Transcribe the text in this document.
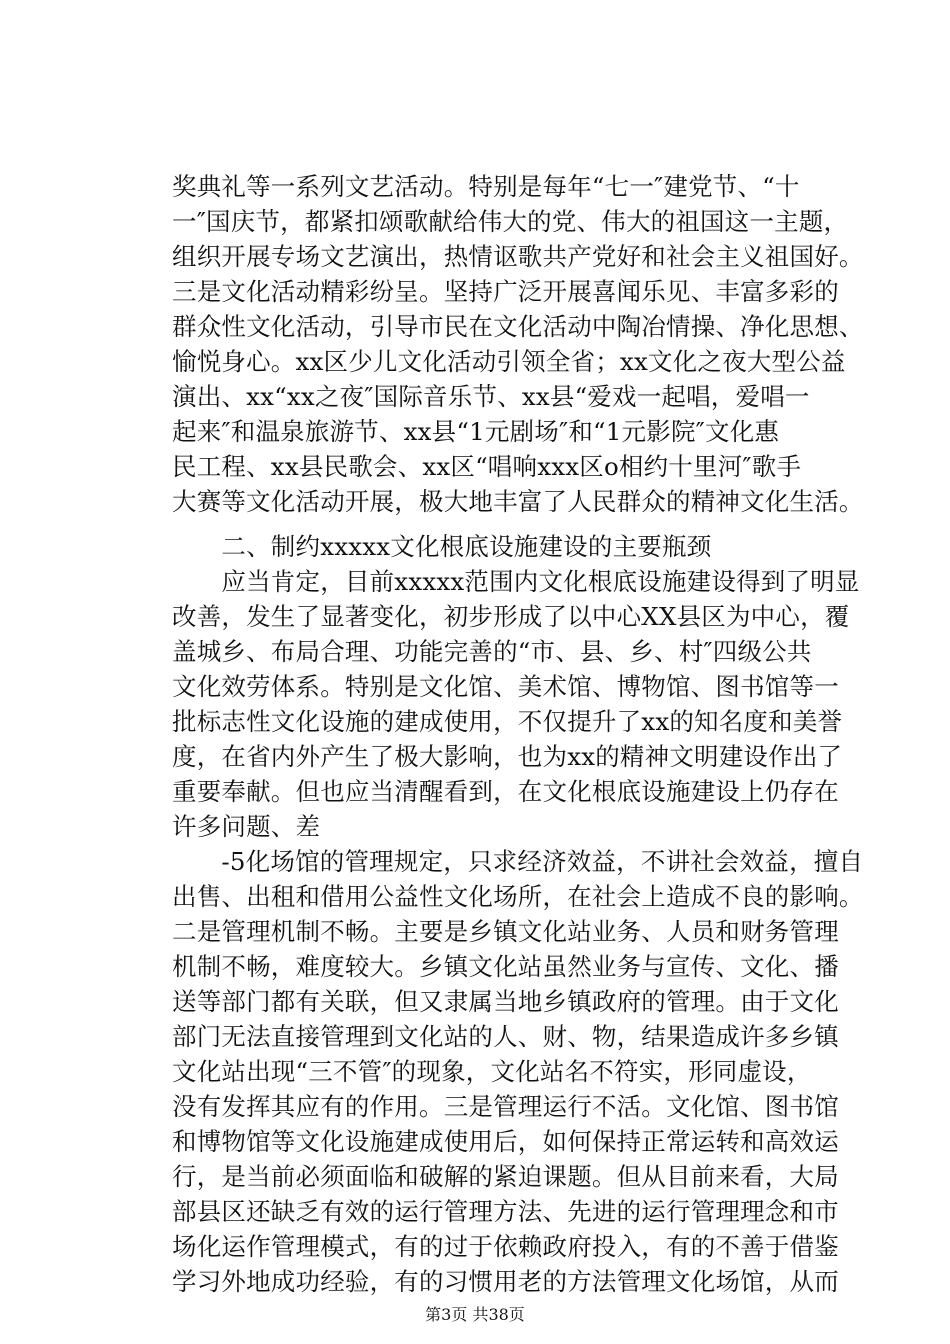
奖典礼等一系列文艺活动。特别是每年“七一″建党节、“十
一″国庆节，都紧扣颂歌献给伟大的党、伟大的祖国这一主题，
组织开展专场文艺演出，热情讴歌共产党好和社会主义祖国好。
三是文化活动精彩纷呈。坚持广泛开展喜闻乐见、丰富多彩的
群众性文化活动，引导市民在文化活动中陶冶情操、净化思想、
愉悦身心。xx区少儿文化活动引领全省；xx文化之夜大型公益
演出、xx“xx之夜″国际音乐节、xx县“爱戏一起唱，爱唱一
起来″和温泉旅游节、xx县“1元剧场″和“1元影院″文化惠
民工程、xx县民歌会、xx区“唱响xxx区o相约十里河″歌手
大赛等文化活动开展，极大地丰富了人民群众的精神文化生活。
　　二、制约xxxxx文化根底设施建设的主要瓶颈
　　应当肯定，目前xxxxx范围内文化根底设施建设得到了明显
改善，发生了显著变化，初步形成了以中心XX县区为中心，覆
盖城乡、布局合理、功能完善的“市、县、乡、村″四级公共
文化效劳体系。特别是文化馆、美术馆、博物馆、图书馆等一
批标志性文化设施的建成使用，不仅提升了xx的知名度和美誉
度，在省内外产生了极大影响，也为xx的精神文明建设作出了
重要奉献。但也应当清醒看到，在文化根底设施建设上仍存在
许多问题、差
　　-5化场馆的管理规定，只求经济效益，不讲社会效益，擅自
出售、出租和借用公益性文化场所，在社会上造成不良的影响。
二是管理机制不畅。主要是乡镇文化站业务、人员和财务管理
机制不畅，难度较大。乡镇文化站虽然业务与宣传、文化、播
送等部门都有关联，但又隶属当地乡镇政府的管理。由于文化
部门无法直接管理到文化站的人、财、物，结果造成许多乡镇
文化站出现“三不管″的现象，文化站名不符实，形同虚设，
没有发挥其应有的作用。三是管理运行不活。文化馆、图书馆
和博物馆等文化设施建成使用后，如何保持正常运转和高效运
行，是当前必须面临和破解的紧迫课题。但从目前来看，大局
部县区还缺乏有效的运行管理方法、先进的运行管理理念和市
场化运作管理模式，有的过于依赖政府投入，有的不善于借鉴
学习外地成功经验，有的习惯用老的方法管理文化场馆，从而
第3页 共38页
